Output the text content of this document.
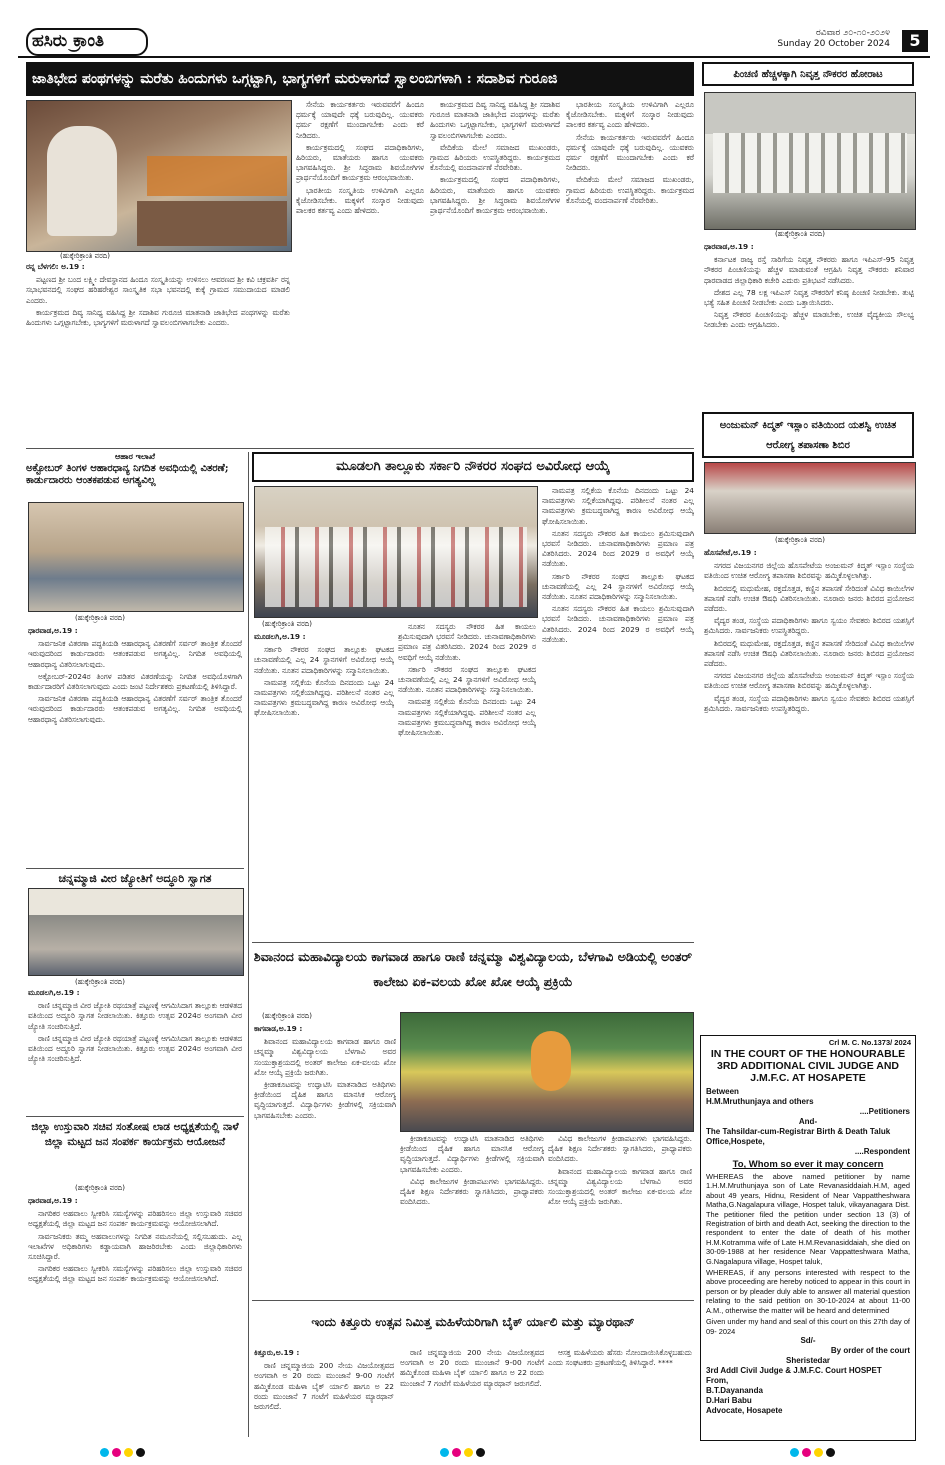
ಹಸಿರು ಕ್ರಾಂತಿ	ರವಿವಾರ ೨೦-೧೦-೨೦೨೪
Sunday 20 October 2024	5
ಜಾತಿಭೇದ ಪಂಥಗಳನ್ನು ಮರೆತು ಹಿಂದುಗಳು ಒಗ್ಗಟ್ಟಾಗಿ, ಭಾಗ್ಯಗಳಿಗೆ ಮರುಳಾಗದೆ ಸ್ವಾಲಂಬಿಗಳಾಗಿ : ಸದಾಶಿವ ಗುರೂಜಿ
(ಹುಕ್ಕೇರಿಕ್ರಾಂತಿ ವರದಿ)
ರನ್ನ ಬೆಳಗಲಿ: ಅ.19 :

ಪಟ್ಟಣದ ಶ್ರೀ ಬಂದ ಲಕ್ಷ್ಮೀ ದೇವಸ್ಥಾನದ ಹಿಂದೂ ಸಂಸ್ಕೃತಿಯನ್ನು ಉಳಿಸಲು ಆವರಣದ ಶ್ರೀ ಕವಿ ಚಕ್ರವರ್ತಿ ರನ್ನ ಸಭಾಭವನದಲ್ಲಿ ಸಂಘದ ಹರಿಹರೇಶ್ವರ ಸಾಂಸ್ಕೃತಿಕ ಸಭಾ ಭವನದಲ್ಲಿ ಕುಕ್ಕೆ ಗ್ರಾಮದ ಸಮುದಾಯದ ಮಾಡಲಿ ಎಂದರು.

ಕಾರ್ಯಕ್ರಮದ ದಿವ್ಯ ಸಾನಿಧ್ಯ ವಹಿಸಿದ್ದ ಶ್ರೀ ಸದಾಶಿವ ಗುರೂಜಿ ಮಾತನಾಡಿ ಜಾತಿಭೇದ ಪಂಥಗಳನ್ನು ಮರೆತು ಹಿಂದುಗಳು ಒಗ್ಗಟ್ಟಾಗಬೇಕು, ಭಾಗ್ಯಗಳಿಗೆ ಮರುಳಾಗದೆ ಸ್ವಾವಲಂಬಿಗಳಾಗಬೇಕು ಎಂದರು.

ಸೇನೆಯ ಕಾರ್ಯಕರ್ತರು ಇರುವವರೆಗೆ ಹಿಂದೂ ಧರ್ಮಕ್ಕೆ ಯಾವುದೇ ಧಕ್ಕೆ ಬರುವುದಿಲ್ಲ. ಯುವಕರು ಧರ್ಮ ರಕ್ಷಣೆಗೆ ಮುಂದಾಗಬೇಕು ಎಂದು ಕರೆ ನೀಡಿದರು.

ಕಾರ್ಯಕ್ರಮದಲ್ಲಿ ಸಂಘದ ಪದಾಧಿಕಾರಿಗಳು, ಹಿರಿಯರು, ಮಾತೆಯರು ಹಾಗೂ ಯುವಕರು ಭಾಗವಹಿಸಿದ್ದರು. ಶ್ರೀ ಸಿದ್ಧರಾಮ ಶಿವಯೋಗಿಗಳ ಪ್ರಾರ್ಥನೆಯೊಂದಿಗೆ ಕಾರ್ಯಕ್ರಮ ಆರಂಭವಾಯಿತು.

ಭಾರತೀಯ ಸಂಸ್ಕೃತಿಯ ಉಳಿವಿಗಾಗಿ ಎಲ್ಲರೂ ಕೈಜೋಡಿಸಬೇಕು. ಮಕ್ಕಳಿಗೆ ಸಂಸ್ಕಾರ ನೀಡುವುದು ಪಾಲಕರ ಕರ್ತವ್ಯ ಎಂದು ಹೇಳಿದರು.

ಕಾರ್ಯಕ್ರಮದ ದಿವ್ಯ ಸಾನಿಧ್ಯ ವಹಿಸಿದ್ದ ಶ್ರೀ ಸದಾಶಿವ ಗುರೂಜಿ ಮಾತನಾಡಿ ಜಾತಿಭೇದ ಪಂಥಗಳನ್ನು ಮರೆತು ಹಿಂದುಗಳು ಒಗ್ಗಟ್ಟಾಗಬೇಕು, ಭಾಗ್ಯಗಳಿಗೆ ಮರುಳಾಗದೆ ಸ್ವಾವಲಂಬಿಗಳಾಗಬೇಕು ಎಂದರು.

ವೇದಿಕೆಯ ಮೇಲೆ ಸಮಾಜದ ಮುಖಂಡರು, ಗ್ರಾಮದ ಹಿರಿಯರು ಉಪಸ್ಥಿತರಿದ್ದರು. ಕಾರ್ಯಕ್ರಮದ ಕೊನೆಯಲ್ಲಿ ವಂದನಾರ್ಪಣೆ ನೆರವೇರಿತು.

ಕಾರ್ಯಕ್ರಮದಲ್ಲಿ ಸಂಘದ ಪದಾಧಿಕಾರಿಗಳು, ಹಿರಿಯರು, ಮಾತೆಯರು ಹಾಗೂ ಯುವಕರು ಭಾಗವಹಿಸಿದ್ದರು. ಶ್ರೀ ಸಿದ್ಧರಾಮ ಶಿವಯೋಗಿಗಳ ಪ್ರಾರ್ಥನೆಯೊಂದಿಗೆ ಕಾರ್ಯಕ್ರಮ ಆರಂಭವಾಯಿತು.

ಭಾರತೀಯ ಸಂಸ್ಕೃತಿಯ ಉಳಿವಿಗಾಗಿ ಎಲ್ಲರೂ ಕೈಜೋಡಿಸಬೇಕು. ಮಕ್ಕಳಿಗೆ ಸಂಸ್ಕಾರ ನೀಡುವುದು ಪಾಲಕರ ಕರ್ತವ್ಯ ಎಂದು ಹೇಳಿದರು.

ಸೇನೆಯ ಕಾರ್ಯಕರ್ತರು ಇರುವವರೆಗೆ ಹಿಂದೂ ಧರ್ಮಕ್ಕೆ ಯಾವುದೇ ಧಕ್ಕೆ ಬರುವುದಿಲ್ಲ. ಯುವಕರು ಧರ್ಮ ರಕ್ಷಣೆಗೆ ಮುಂದಾಗಬೇಕು ಎಂದು ಕರೆ ನೀಡಿದರು.

ವೇದಿಕೆಯ ಮೇಲೆ ಸಮಾಜದ ಮುಖಂಡರು, ಗ್ರಾಮದ ಹಿರಿಯರು ಉಪಸ್ಥಿತರಿದ್ದರು. ಕಾರ್ಯಕ್ರಮದ ಕೊನೆಯಲ್ಲಿ ವಂದನಾರ್ಪಣೆ ನೆರವೇರಿತು.

ಪಿಂಚಣಿ ಹೆಚ್ಚಳಕ್ಕಾಗಿ ನಿವೃತ್ತ ನೌಕರರ ಹೋರಾಟ
(ಹುಕ್ಕೇರಿಕ್ರಾಂತಿ ವರದಿ)
ಧಾರವಾಡ,ಅ.19 :

ಕರ್ನಾಟಕ ರಾಜ್ಯ ರಸ್ತೆ ಸಾರಿಗೆಯ ನಿವೃತ್ತ ನೌಕರರು ಹಾಗೂ ಇಪಿಎಸ್-95 ನಿವೃತ್ತ ನೌಕರರ ಪಿಂಚಣಿಯನ್ನು ಹೆಚ್ಚಳ ಮಾಡುವಂತೆ ಆಗ್ರಹಿಸಿ ನಿವೃತ್ತ ನೌಕರರು ಶನಿವಾರ ಧಾರವಾಡದ ಜಿಲ್ಲಾಧಿಕಾರಿ ಕಚೇರಿ ಎದುರು ಪ್ರತಿಭಟನೆ ನಡೆಸಿದರು.

ದೇಶದ ಎಲ್ಲ 78 ಲಕ್ಷ ಇಪಿಎಸ್ ನಿವೃತ್ತ ನೌಕರರಿಗೆ ಕನಿಷ್ಠ ಪಿಂಚಣಿ ನೀಡಬೇಕು. ತುಟ್ಟಿ ಭತ್ಯೆ ಸಹಿತ ಪಿಂಚಣಿ ನೀಡಬೇಕು ಎಂದು ಒತ್ತಾಯಿಸಿದರು.

ನಿವೃತ್ತ ನೌಕರರ ಪಿಂಚಣಿಯನ್ನು ಹೆಚ್ಚಳ ಮಾಡಬೇಕು, ಉಚಿತ ವೈದ್ಯಕೀಯ ಸೌಲಭ್ಯ ನೀಡಬೇಕು ಎಂದು ಆಗ್ರಹಿಸಿದರು.

ಅಂಜುಮನ್ ಕಿದ್ಮತ್ ಇಸ್ಲಾಂ ವತಿಯಿಂದ ಯಶಸ್ವಿ ಉಚಿತ ಆರೋಗ್ಯ ತಪಾಸಣಾ ಶಿಬಿರ
(ಹುಕ್ಕೇರಿಕ್ರಾಂತಿ ವರದಿ)
ಹೊಸಪೇಟೆ,ಅ.19 :

ನಗರದ ವಿಜಯನಗರ ಜಿಲ್ಲೆಯ ಹೊಸಪೇಟೆಯ ಅಂಜುಮನ್ ಕಿದ್ಮತ್ ಇಸ್ಲಾಂ ಸಂಸ್ಥೆಯ ವತಿಯಿಂದ ಉಚಿತ ಆರೋಗ್ಯ ತಪಾಸಣಾ ಶಿಬಿರವನ್ನು ಹಮ್ಮಿಕೊಳ್ಳಲಾಗಿತ್ತು.

ಶಿಬಿರದಲ್ಲಿ ಮಧುಮೇಹ, ರಕ್ತದೊತ್ತಡ, ಕಣ್ಣಿನ ತಪಾಸಣೆ ಸೇರಿದಂತೆ ವಿವಿಧ ಕಾಯಿಲೆಗಳ ತಪಾಸಣೆ ನಡೆಸಿ ಉಚಿತ ಔಷಧಿ ವಿತರಿಸಲಾಯಿತು. ನೂರಾರು ಜನರು ಶಿಬಿರದ ಪ್ರಯೋಜನ ಪಡೆದರು.

ವೈದ್ಯರ ತಂಡ, ಸಂಸ್ಥೆಯ ಪದಾಧಿಕಾರಿಗಳು ಹಾಗೂ ಸ್ವಯಂ ಸೇವಕರು ಶಿಬಿರದ ಯಶಸ್ಸಿಗೆ ಶ್ರಮಿಸಿದರು. ಸಾರ್ವಜನಿಕರು ಉಪಸ್ಥಿತರಿದ್ದರು.

ಶಿಬಿರದಲ್ಲಿ ಮಧುಮೇಹ, ರಕ್ತದೊತ್ತಡ, ಕಣ್ಣಿನ ತಪಾಸಣೆ ಸೇರಿದಂತೆ ವಿವಿಧ ಕಾಯಿಲೆಗಳ ತಪಾಸಣೆ ನಡೆಸಿ ಉಚಿತ ಔಷಧಿ ವಿತರಿಸಲಾಯಿತು. ನೂರಾರು ಜನರು ಶಿಬಿರದ ಪ್ರಯೋಜನ ಪಡೆದರು.

ನಗರದ ವಿಜಯನಗರ ಜಿಲ್ಲೆಯ ಹೊಸಪೇಟೆಯ ಅಂಜುಮನ್ ಕಿದ್ಮತ್ ಇಸ್ಲಾಂ ಸಂಸ್ಥೆಯ ವತಿಯಿಂದ ಉಚಿತ ಆರೋಗ್ಯ ತಪಾಸಣಾ ಶಿಬಿರವನ್ನು ಹಮ್ಮಿಕೊಳ್ಳಲಾಗಿತ್ತು.

ವೈದ್ಯರ ತಂಡ, ಸಂಸ್ಥೆಯ ಪದಾಧಿಕಾರಿಗಳು ಹಾಗೂ ಸ್ವಯಂ ಸೇವಕರು ಶಿಬಿರದ ಯಶಸ್ಸಿಗೆ ಶ್ರಮಿಸಿದರು. ಸಾರ್ವಜನಿಕರು ಉಪಸ್ಥಿತರಿದ್ದರು.

ಆಹಾರ ಇಲಾಖೆ
ಅಕ್ಟೋಬರ್ ತಿಂಗಳ ಆಹಾರಧಾನ್ಯ ನಿಗದಿತ ಅವಧಿಯಲ್ಲಿ ವಿತರಣೆ; ಕಾರ್ಡುದಾರರು ಆಂತಕಪಡುವ ಅಗತ್ಯವಿಲ್ಲ
(ಹುಕ್ಕೇರಿಕ್ರಾಂತಿ ವರದಿ)
ಧಾರವಾಡ,ಅ.19 :

ಸಾರ್ವಜನಿಕ ವಿತರಣಾ ಪದ್ಧತಿಯಡಿ ಆಹಾರಧಾನ್ಯ ವಿತರಣೆಗೆ ಸರ್ವರ್ ತಾಂತ್ರಿಕ ತೊಂದರೆ ಇರುವುದರಿಂದ ಕಾರ್ಡುದಾರರು ಆತಂಕಪಡುವ ಅಗತ್ಯವಿಲ್ಲ. ನಿಗದಿತ ಅವಧಿಯಲ್ಲಿ ಆಹಾರಧಾನ್ಯ ವಿತರಿಸಲಾಗುವುದು.

ಅಕ್ಟೋಬರ್-2024ರ ತಿಂಗಳ ಪಡಿತರ ವಿತರಣೆಯನ್ನು ನಿಗದಿತ ಅವಧಿಯೊಳಗಾಗಿ ಕಾರ್ಡುದಾರರಿಗೆ ವಿತರಿಸಲಾಗುವುದು ಎಂದು ಜಂಟಿ ನಿರ್ದೇಶಕರು ಪ್ರಕಟಣೆಯಲ್ಲಿ ತಿಳಿಸಿದ್ದಾರೆ.

ಸಾರ್ವಜನಿಕ ವಿತರಣಾ ಪದ್ಧತಿಯಡಿ ಆಹಾರಧಾನ್ಯ ವಿತರಣೆಗೆ ಸರ್ವರ್ ತಾಂತ್ರಿಕ ತೊಂದರೆ ಇರುವುದರಿಂದ ಕಾರ್ಡುದಾರರು ಆತಂಕಪಡುವ ಅಗತ್ಯವಿಲ್ಲ. ನಿಗದಿತ ಅವಧಿಯಲ್ಲಿ ಆಹಾರಧಾನ್ಯ ವಿತರಿಸಲಾಗುವುದು.

ಚನ್ನಮ್ಮಾಜಿ ವೀರ ಜ್ಯೋತಿಗೆ ಅದ್ಧೂರಿ ಸ್ವಾಗತ
(ಹುಕ್ಕೇರಿಕ್ರಾಂತಿ ವರದಿ)
ಮೂಡಲಗಿ,ಅ.19 :

ರಾಣಿ ಚನ್ನಮ್ಮಾಜಿ ವೀರ ಜ್ಯೋತಿ ರಥಯಾತ್ರೆ ಪಟ್ಟಣಕ್ಕೆ ಆಗಮಿಸಿದಾಗ ತಾಲ್ಲೂಕು ಆಡಳಿತದ ವತಿಯಿಂದ ಅದ್ಧೂರಿ ಸ್ವಾಗತ ನೀಡಲಾಯಿತು. ಕಿತ್ತೂರು ಉತ್ಸವ 2024ರ ಅಂಗವಾಗಿ ವೀರ ಜ್ಯೋತಿ ಸಂಚರಿಸುತ್ತಿದೆ.

ರಾಣಿ ಚನ್ನಮ್ಮಾಜಿ ವೀರ ಜ್ಯೋತಿ ರಥಯಾತ್ರೆ ಪಟ್ಟಣಕ್ಕೆ ಆಗಮಿಸಿದಾಗ ತಾಲ್ಲೂಕು ಆಡಳಿತದ ವತಿಯಿಂದ ಅದ್ಧೂರಿ ಸ್ವಾಗತ ನೀಡಲಾಯಿತು. ಕಿತ್ತೂರು ಉತ್ಸವ 2024ರ ಅಂಗವಾಗಿ ವೀರ ಜ್ಯೋತಿ ಸಂಚರಿಸುತ್ತಿದೆ.

ಜಿಲ್ಲಾ ಉಸ್ತುವಾರಿ ಸಚಿವ ಸಂತೋಷ ಲಾಡ ಅಧ್ಯಕ್ಷತೆಯಲ್ಲಿ ನಾಳೆ ಜಿಲ್ಲಾ ಮಟ್ಟದ ಜನ ಸಂಪರ್ಕ ಕಾರ್ಯಕ್ರಮ ಆಯೋಜನೆ
(ಹುಕ್ಕೇರಿಕ್ರಾಂತಿ ವರದಿ)
ಧಾರವಾಡ,ಅ.19 :

ನಾಗರಿಕರ ಅಹವಾಲು ಸ್ವೀಕರಿಸಿ ಸಮಸ್ಯೆಗಳನ್ನು ಪರಿಹರಿಸಲು ಜಿಲ್ಲಾ ಉಸ್ತುವಾರಿ ಸಚಿವರ ಅಧ್ಯಕ್ಷತೆಯಲ್ಲಿ ಜಿಲ್ಲಾ ಮಟ್ಟದ ಜನ ಸಂಪರ್ಕ ಕಾರ್ಯಕ್ರಮವನ್ನು ಆಯೋಜಿಸಲಾಗಿದೆ.

ಸಾರ್ವಜನಿಕರು ತಮ್ಮ ಅಹವಾಲುಗಳನ್ನು ನಿಗದಿತ ನಮೂನೆಯಲ್ಲಿ ಸಲ್ಲಿಸಬಹುದು. ಎಲ್ಲ ಇಲಾಖೆಗಳ ಅಧಿಕಾರಿಗಳು ಕಡ್ಡಾಯವಾಗಿ ಹಾಜರಿರಬೇಕು ಎಂದು ಜಿಲ್ಲಾಧಿಕಾರಿಗಳು ಸೂಚಿಸಿದ್ದಾರೆ.

ನಾಗರಿಕರ ಅಹವಾಲು ಸ್ವೀಕರಿಸಿ ಸಮಸ್ಯೆಗಳನ್ನು ಪರಿಹರಿಸಲು ಜಿಲ್ಲಾ ಉಸ್ತುವಾರಿ ಸಚಿವರ ಅಧ್ಯಕ್ಷತೆಯಲ್ಲಿ ಜಿಲ್ಲಾ ಮಟ್ಟದ ಜನ ಸಂಪರ್ಕ ಕಾರ್ಯಕ್ರಮವನ್ನು ಆಯೋಜಿಸಲಾಗಿದೆ.

ಮೂಡಲಗಿ ತಾಲ್ಲೂಕು ಸರ್ಕಾರಿ ನೌಕರರ ಸಂಘದ ಅವಿರೋಧ ಆಯ್ಕೆ
(ಹುಕ್ಕೇರಿಕ್ರಾಂತಿ ವರದಿ)
ಮೂಡಲಗಿ,ಅ.19 :

ಸರ್ಕಾರಿ ನೌಕರರ ಸಂಘದ ತಾಲ್ಲೂಕು ಘಟಕದ ಚುನಾವಣೆಯಲ್ಲಿ ಎಲ್ಲ 24 ಸ್ಥಾನಗಳಿಗೆ ಅವಿರೋಧ ಆಯ್ಕೆ ನಡೆಯಿತು. ನೂತನ ಪದಾಧಿಕಾರಿಗಳನ್ನು ಸನ್ಮಾನಿಸಲಾಯಿತು.

ನಾಮಪತ್ರ ಸಲ್ಲಿಕೆಯ ಕೊನೆಯ ದಿನದಂದು ಒಟ್ಟು 24 ನಾಮಪತ್ರಗಳು ಸಲ್ಲಿಕೆಯಾಗಿದ್ದವು. ಪರಿಶೀಲನೆ ನಂತರ ಎಲ್ಲ ನಾಮಪತ್ರಗಳು ಕ್ರಮಬದ್ಧವಾಗಿದ್ದ ಕಾರಣ ಅವಿರೋಧ ಆಯ್ಕೆ ಘೋಷಿಸಲಾಯಿತು.

ನೂತನ ಸದಸ್ಯರು ನೌಕರರ ಹಿತ ಕಾಯಲು ಶ್ರಮಿಸುವುದಾಗಿ ಭರವಸೆ ನೀಡಿದರು. ಚುನಾವಣಾಧಿಕಾರಿಗಳು ಪ್ರಮಾಣ ಪತ್ರ ವಿತರಿಸಿದರು. 2024 ರಿಂದ 2029 ರ ಅವಧಿಗೆ ಆಯ್ಕೆ ನಡೆಯಿತು.

ಸರ್ಕಾರಿ ನೌಕರರ ಸಂಘದ ತಾಲ್ಲೂಕು ಘಟಕದ ಚುನಾವಣೆಯಲ್ಲಿ ಎಲ್ಲ 24 ಸ್ಥಾನಗಳಿಗೆ ಅವಿರೋಧ ಆಯ್ಕೆ ನಡೆಯಿತು. ನೂತನ ಪದಾಧಿಕಾರಿಗಳನ್ನು ಸನ್ಮಾನಿಸಲಾಯಿತು.

ನಾಮಪತ್ರ ಸಲ್ಲಿಕೆಯ ಕೊನೆಯ ದಿನದಂದು ಒಟ್ಟು 24 ನಾಮಪತ್ರಗಳು ಸಲ್ಲಿಕೆಯಾಗಿದ್ದವು. ಪರಿಶೀಲನೆ ನಂತರ ಎಲ್ಲ ನಾಮಪತ್ರಗಳು ಕ್ರಮಬದ್ಧವಾಗಿದ್ದ ಕಾರಣ ಅವಿರೋಧ ಆಯ್ಕೆ ಘೋಷಿಸಲಾಯಿತು.

ನಾಮಪತ್ರ ಸಲ್ಲಿಕೆಯ ಕೊನೆಯ ದಿನದಂದು ಒಟ್ಟು 24 ನಾಮಪತ್ರಗಳು ಸಲ್ಲಿಕೆಯಾಗಿದ್ದವು. ಪರಿಶೀಲನೆ ನಂತರ ಎಲ್ಲ ನಾಮಪತ್ರಗಳು ಕ್ರಮಬದ್ಧವಾಗಿದ್ದ ಕಾರಣ ಅವಿರೋಧ ಆಯ್ಕೆ ಘೋಷಿಸಲಾಯಿತು.

ನೂತನ ಸದಸ್ಯರು ನೌಕರರ ಹಿತ ಕಾಯಲು ಶ್ರಮಿಸುವುದಾಗಿ ಭರವಸೆ ನೀಡಿದರು. ಚುನಾವಣಾಧಿಕಾರಿಗಳು ಪ್ರಮಾಣ ಪತ್ರ ವಿತರಿಸಿದರು. 2024 ರಿಂದ 2029 ರ ಅವಧಿಗೆ ಆಯ್ಕೆ ನಡೆಯಿತು.

ಸರ್ಕಾರಿ ನೌಕರರ ಸಂಘದ ತಾಲ್ಲೂಕು ಘಟಕದ ಚುನಾವಣೆಯಲ್ಲಿ ಎಲ್ಲ 24 ಸ್ಥಾನಗಳಿಗೆ ಅವಿರೋಧ ಆಯ್ಕೆ ನಡೆಯಿತು. ನೂತನ ಪದಾಧಿಕಾರಿಗಳನ್ನು ಸನ್ಮಾನಿಸಲಾಯಿತು.

ನೂತನ ಸದಸ್ಯರು ನೌಕರರ ಹಿತ ಕಾಯಲು ಶ್ರಮಿಸುವುದಾಗಿ ಭರವಸೆ ನೀಡಿದರು. ಚುನಾವಣಾಧಿಕಾರಿಗಳು ಪ್ರಮಾಣ ಪತ್ರ ವಿತರಿಸಿದರು. 2024 ರಿಂದ 2029 ರ ಅವಧಿಗೆ ಆಯ್ಕೆ ನಡೆಯಿತು.

ಶಿವಾನಂದ ಮಹಾವಿದ್ಯಾಲಯ ಕಾಗವಾಡ ಹಾಗೂ ರಾಣಿ ಚನ್ನಮ್ಮಾ ವಿಶ್ವವಿದ್ಯಾಲಯ, ಬೆಳಗಾವಿ ಅಡಿಯಲ್ಲಿ ಅಂತರ್ ಕಾಲೇಜು ಏಕ-ವಲಯ ಖೋ ಖೋ ಆಯ್ಕೆ ಪ್ರಕ್ರಿಯೆ
(ಹುಕ್ಕೇರಿಕ್ರಾಂತಿ ವರದಿ)
ಕಾಗವಾಡ,ಅ.19 :

ಶಿವಾನಂದ ಮಹಾವಿದ್ಯಾಲಯ ಕಾಗವಾಡ ಹಾಗೂ ರಾಣಿ ಚನ್ನಮ್ಮಾ ವಿಶ್ವವಿದ್ಯಾಲಯ ಬೆಳಗಾವಿ ಅವರ ಸಂಯುಕ್ತಾಶ್ರಯದಲ್ಲಿ ಅಂತರ್ ಕಾಲೇಜು ಏಕ-ವಲಯ ಖೋ ಖೋ ಆಯ್ಕೆ ಪ್ರಕ್ರಿಯೆ ಜರುಗಿತು.

ಕ್ರೀಡಾಕೂಟವನ್ನು ಉದ್ಘಾಟಿಸಿ ಮಾತನಾಡಿದ ಅತಿಥಿಗಳು ಕ್ರೀಡೆಯಿಂದ ದೈಹಿಕ ಹಾಗೂ ಮಾನಸಿಕ ಆರೋಗ್ಯ ವೃದ್ಧಿಯಾಗುತ್ತದೆ. ವಿದ್ಯಾರ್ಥಿಗಳು ಕ್ರೀಡೆಗಳಲ್ಲಿ ಸಕ್ರಿಯವಾಗಿ ಭಾಗವಹಿಸಬೇಕು ಎಂದರು.

ಕ್ರೀಡಾಕೂಟವನ್ನು ಉದ್ಘಾಟಿಸಿ ಮಾತನಾಡಿದ ಅತಿಥಿಗಳು ಕ್ರೀಡೆಯಿಂದ ದೈಹಿಕ ಹಾಗೂ ಮಾನಸಿಕ ಆರೋಗ್ಯ ವೃದ್ಧಿಯಾಗುತ್ತದೆ. ವಿದ್ಯಾರ್ಥಿಗಳು ಕ್ರೀಡೆಗಳಲ್ಲಿ ಸಕ್ರಿಯವಾಗಿ ಭಾಗವಹಿಸಬೇಕು ಎಂದರು.

ವಿವಿಧ ಕಾಲೇಜುಗಳ ಕ್ರೀಡಾಪಟುಗಳು ಭಾಗವಹಿಸಿದ್ದರು. ದೈಹಿಕ ಶಿಕ್ಷಣ ನಿರ್ದೇಶಕರು ಸ್ವಾಗತಿಸಿದರು, ಪ್ರಾಧ್ಯಾಪಕರು ವಂದಿಸಿದರು.

ವಿವಿಧ ಕಾಲೇಜುಗಳ ಕ್ರೀಡಾಪಟುಗಳು ಭಾಗವಹಿಸಿದ್ದರು. ದೈಹಿಕ ಶಿಕ್ಷಣ ನಿರ್ದೇಶಕರು ಸ್ವಾಗತಿಸಿದರು, ಪ್ರಾಧ್ಯಾಪಕರು ವಂದಿಸಿದರು.

ಶಿವಾನಂದ ಮಹಾವಿದ್ಯಾಲಯ ಕಾಗವಾಡ ಹಾಗೂ ರಾಣಿ ಚನ್ನಮ್ಮಾ ವಿಶ್ವವಿದ್ಯಾಲಯ ಬೆಳಗಾವಿ ಅವರ ಸಂಯುಕ್ತಾಶ್ರಯದಲ್ಲಿ ಅಂತರ್ ಕಾಲೇಜು ಏಕ-ವಲಯ ಖೋ ಖೋ ಆಯ್ಕೆ ಪ್ರಕ್ರಿಯೆ ಜರುಗಿತು.

ಇಂದು ಕಿತ್ತೂರು ಉತ್ಸವ ನಿಮಿತ್ತ ಮಹಿಳೆಯರಿಗಾಗಿ ಬೈಕ್ ರ್ಯಾಲಿ ಮತ್ತು ಮ್ಯಾರಥಾನ್
ಕಿತ್ತೂರು,ಅ.19 :

ರಾಣಿ ಚನ್ನಮ್ಮಾಜಿಯ 200 ನೇಯ ವಿಜಯೋತ್ಸವದ ಅಂಗವಾಗಿ ಅ 20 ರಂದು ಮುಂಜಾನೆ 9-00 ಗಂಟೆಗೆ ಹಮ್ಮಿಕೊಂಡ ಮಹಿಳಾ ಬೈಕ್ ರ್ಯಾಲಿ ಹಾಗೂ ಅ 22 ರಂದು ಮುಂಜಾನೆ 7 ಗಂಟೆಗೆ ಮಹಿಳೆಯರ ಮ್ಯಾರಥಾನ್ ಜರುಗಲಿದೆ.

ರಾಣಿ ಚನ್ನಮ್ಮಾಜಿಯ 200 ನೇಯ ವಿಜಯೋತ್ಸವದ ಅಂಗವಾಗಿ ಅ 20 ರಂದು ಮುಂಜಾನೆ 9-00 ಗಂಟೆಗೆ ಹಮ್ಮಿಕೊಂಡ ಮಹಿಳಾ ಬೈಕ್ ರ್ಯಾಲಿ ಹಾಗೂ ಅ 22 ರಂದು ಮುಂಜಾನೆ 7 ಗಂಟೆಗೆ ಮಹಿಳೆಯರ ಮ್ಯಾರಥಾನ್ ಜರುಗಲಿದೆ.

ಆಸಕ್ತ ಮಹಿಳೆಯರು ಹೆಸರು ನೋಂದಾಯಿಸಿಕೊಳ್ಳಬಹುದು ಎಂದು ಸಂಘಟಕರು ಪ್ರಕಟಣೆಯಲ್ಲಿ ತಿಳಿಸಿದ್ದಾರೆ. ****

Crl M. C. No.1373/ 2024
IN THE COURT OF THE HONOURABLE 3RD ADDITIONAL CIVIL JUDGE AND J.M.F.C. AT HOSAPETE
Between
H.M.Mruthunjaya and others
....Petitioners
And-
The Tahsildar-cum-Registrar Birth & Death Taluk Office,Hospete,
....Respondent
To, Whom so ever it may concern
WHEREAS the above named petitioner by name 1.H.M.Mruthunjaya son of Late Revanasiddaiah.H.M, aged about 49 years, Hidnu, Resident of Near Vappattheshwara Matha,G.Nagalapura village, Hospet taluk, vikayanagara Dist. The petitioner filed the petition under section 13 (3) of Registration of birth and death Act, seeking the direction to the respondent to enter the date of death of his mother H.M.Kotramma wife of Late H.M.Revanasiddaiah, she died on 30-09-1988 at her residence Near Vappatteshwara Matha, G.Nagalapura village, Hospet taluk,
WHEREAS, if any persons interested with respect to the above proceeding are hereby noticed to appear in this court in person or by pleader duly able to answer all material question relating to the said petition on 30-10-2024 at about 11-00 A.M., otherwise the matter will be heard and determined
Given under my hand and seal of this court on this 27th day of 09- 2024
Sd/-
By order of the court
Sheristedar
3rd Addl Civil Judge & J.M.F.C. Court HOSPET
From,
B.T.Dayananda
D.Hari Babu
Advocate, Hosapete
